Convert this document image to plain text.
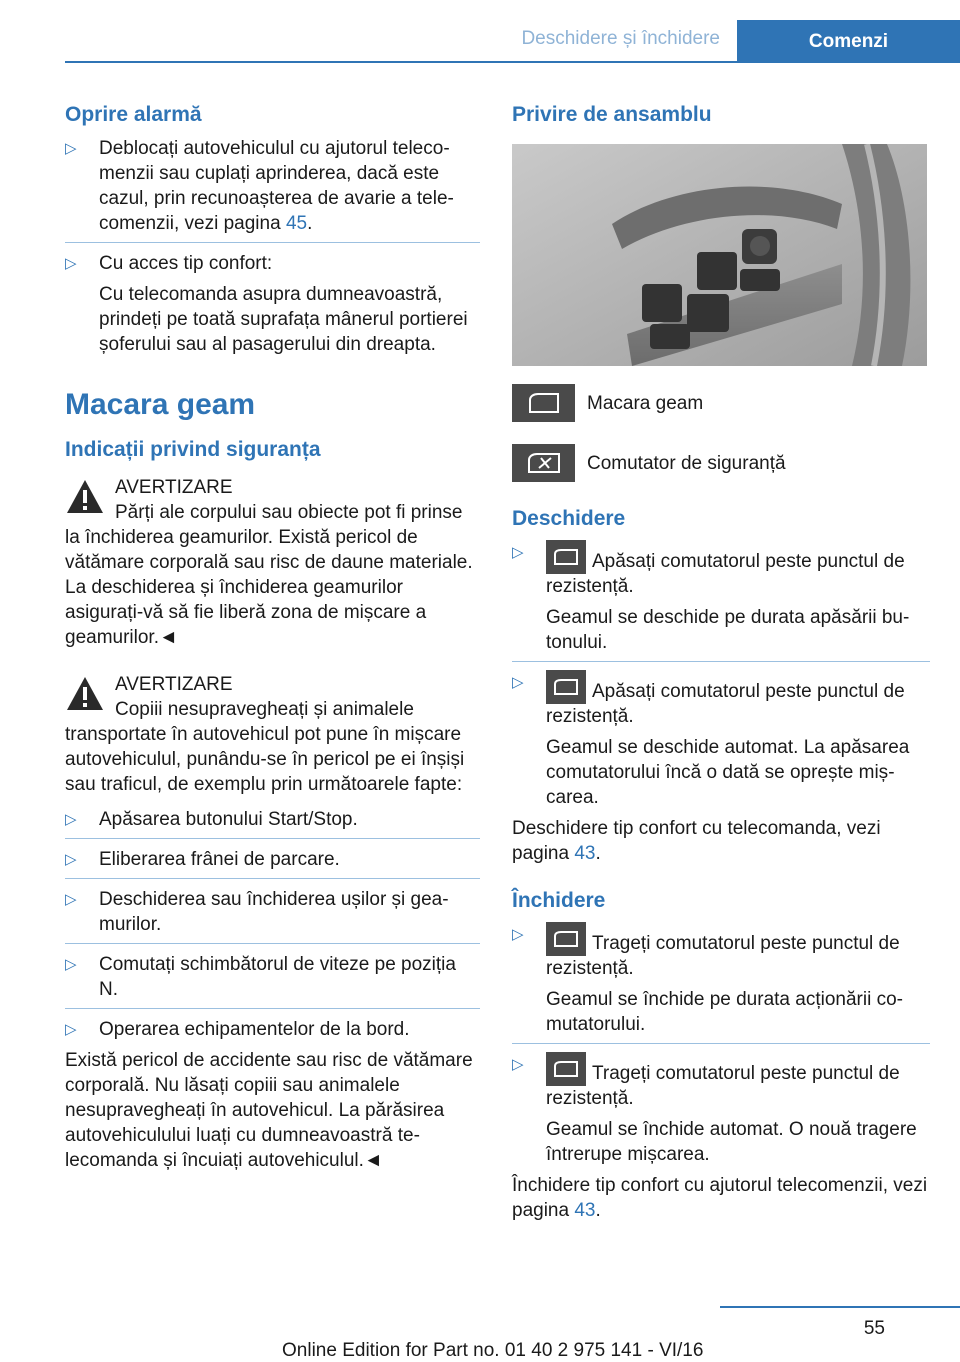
Deschidere și închidere	Comenzi
Oprire alarmă
▷ Deblocați autovehiculul cu ajutorul telecomenzii sau cuplați aprinderea, dacă este cazul, prin recunoașterea de avarie a telecomenzii, vezi pagina 45.

▷ Cu acces tip confort:

Cu telecomanda asupra dumneavoastră, prindeți pe toată suprafața mânerul portierei șoferului sau al pasagerului din dreapta.

Macara geam
Indicații privind siguranța
AVERTIZARE
Părți ale corpului sau obiecte pot fi prinse la închiderea geamurilor. Există pericol de vătămare corporală sau risc de daune materiale. La deschiderea și închiderea geamurilor asigurați-vă să fie liberă zona de mișcare a geamurilor.◄
AVERTIZARE
Copiii nesupravegheați și animalele transportate în autovehicul pot pune în mișcare autovehiculul, punându-se în pericol pe ei înșiși sau traficul, de exemplu prin următoarele fapte:
▷ Apăsarea butonului Start/Stop.

▷ Eliberarea frânei de parcare.

▷ Deschiderea sau închiderea ușilor și geamurilor.

▷ Comutați schimbătorul de viteze pe poziția N.

▷ Operarea echipamentelor de la bord.

Există pericol de accidente sau risc de vătămare corporală. Nu lăsați copiii sau animalele nesupravegheați în autovehicul. La părăsirea autovehiculului luați cu dumneavoastră telecomanda și încuiați autovehiculul.◄

Privire de ansamblu
Macara geam
Comutator de siguranță
Deschidere
▷	Apăsați comutatorul peste punctul de rezistență.

Geamul se deschide pe durata apăsării butonului.

▷	Apăsați comutatorul peste punctul de rezistență.

Geamul se deschide automat. La apăsarea comutatorului încă o dată se oprește mișcarea.

Deschidere tip confort cu telecomanda, vezi pagina 43.

Închidere
▷	Trageți comutatorul peste punctul de rezistență.

Geamul se închide pe durata acționării comutatorului.

▷	Trageți comutatorul peste punctul de rezistență.

Geamul se închide automat. O nouă tragere întrerupe mișcarea.

Închidere tip confort cu ajutorul telecomenzii, vezi pagina 43.

55
Online Edition for Part no. 01 40 2 975 141 - VI/16
